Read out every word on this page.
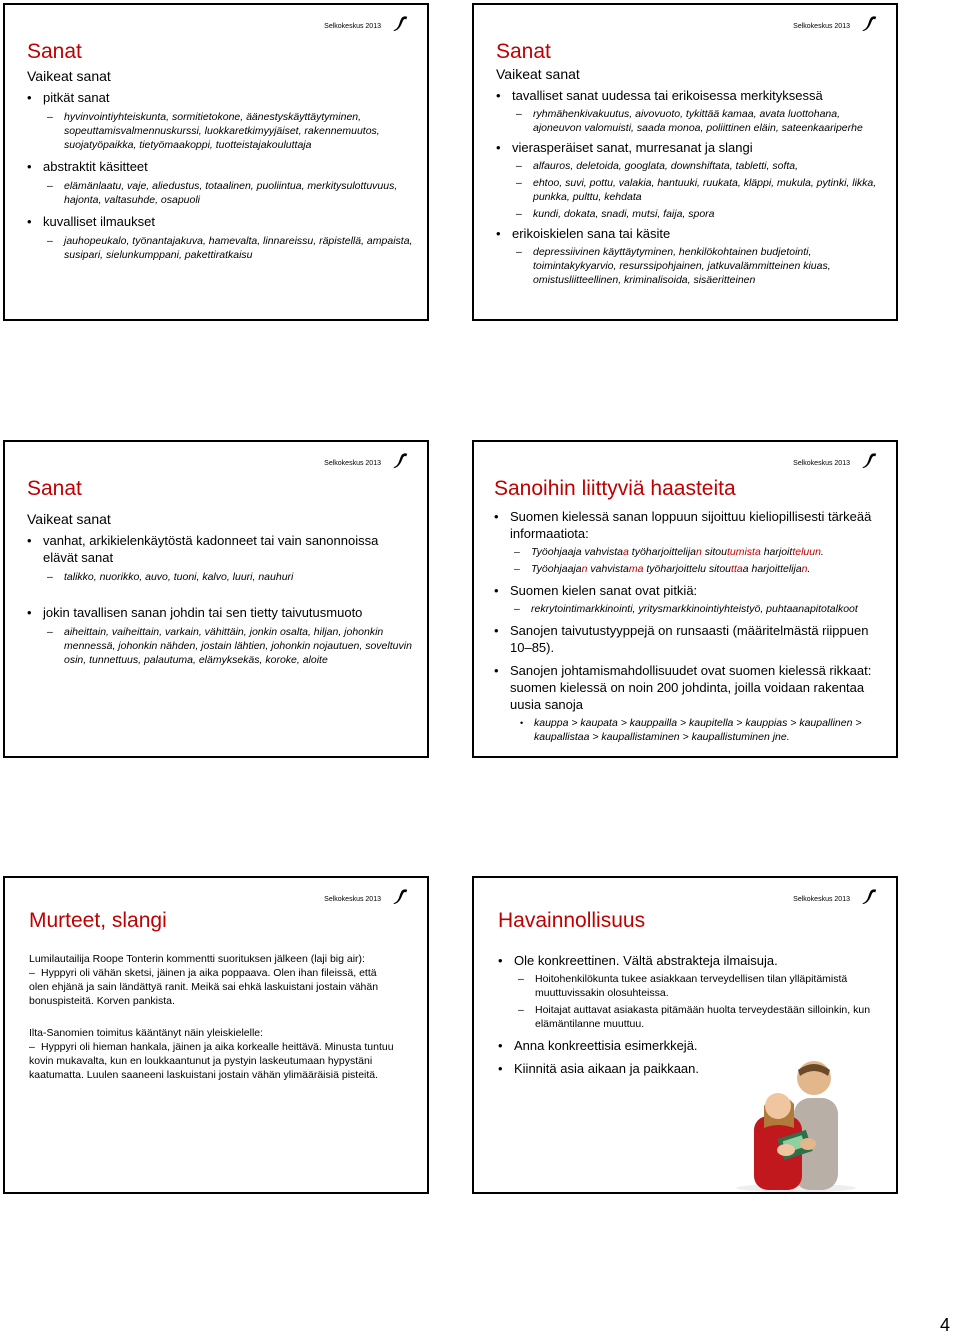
Selkokeskus 2013
Sanat
Vaikeat sanat
• pitkät sanat
– hyvinvointiyhteiskunta, sormitietokone, äänestyskäyttäytyminen, sopeuttamisvalmennuskurssi, luokkaretkimyyjäiset, rakennemuutos, suojatyöpaikka, tietyömaakoppi, tuotteistajakouluttaja
• abstraktit käsitteet
– elämänlaatu, vaje, aliedustus, totaalinen, puoliintua, merkitysulottuvuus, hajonta, valtasuhde, osapuoli
• kuvalliset ilmaukset
– jauhopeukalo, työnantajakuva, hamevalta, linnareissu, räpistellä, ampaista, susipari, sielunkumppani, pakettiratkaisu
Selkokeskus 2013
Sanat
Vaikeat sanat
• tavalliset sanat uudessa tai erikoisessa merkityksessä
– ryhmähenkivakuutus, aivovuoto, tykittää kamaa, avata luottohana, ajoneuvon valomuisti, saada monoa, poliittinen eläin, sateenkaariperhe
• vierasperäiset sanat, murresanat ja slangi
– alfauros, deletoida, googlata, downshiftata, tabletti, softa,
– ehtoo, suvi, pottu, valakia, hantuuki, ruukata, kläppi, mukula, pytinki, likka, punkka, pulttu, kehdata
– kundi, dokata, snadi, mutsi, faija, spora
• erikoiskielen sana tai käsite
– depressiivinen käyttäytyminen, henkilökohtainen budjetointi, toimintakykyarvio, resurssipohjainen, jatkuvalämmitteinen kiuas, omistusliitteellinen, kriminalisoida, sisäeritteinen
Selkokeskus 2013
Sanat
Vaikeat sanat
• vanhat, arkikielenkäytöstä kadonneet tai vain sanonnoissa elävät sanat
– talikko, nuorikko, auvo, tuoni, kalvo, luuri, nauhuri
• jokin tavallisen sanan johdin tai sen tietty taivutusmuoto
– aiheittain, vaiheittain, varkain, vähittäin, jonkin osalta, hiljan, johonkin mennessä, johonkin nähden, jostain lähtien, johonkin nojautuen, soveltuvin osin, tunnettuus, palautuma, elämyksekäs, koroke, aloite
Selkokeskus 2013
Sanoihin liittyviä haasteita
• Suomen kielessä sanan loppuun sijoittuu kieliopillisesti tärkeää informaatiota:
– Työohjaaja vahvistaa työharjoittelijan sitoutumista harjoitteluun.
– Työohjaajan vahvistama työharjoittelu sitouttaa harjoittelijan.
• Suomen kielen sanat ovat pitkiä:
– rekrytointimarkkinointi, yritysmarkkinointiyhteistyö, puhtaanapitotalkoot
• Sanojen taivutustyyppejä on runsaasti (määritelmästä riippuen 10–85).
• Sanojen johtamismahdollisuudet ovat suomen kielessä rikkaat: suomen kielessä on noin 200 johdinta, joilla voidaan rakentaa uusia sanoja
• kauppa > kaupata > kauppailla > kaupitella > kauppias > kaupallinen > kaupallistaa > kaupallistaminen > kaupallistuminen jne.
Selkokeskus 2013
Murteet, slangi
Lumilautailija Roope Tonterin kommentti suorituksen jälkeen (laji big air):
– Hyppyri oli vähän sketsi, jäinen ja aika poppaava. Olen ihan fileissä, että olen ehjänä ja sain ländättyä ranit. Meikä sai ehkä laskuistani jostain vähän bonuspisteitä. Korven pankista.
Ilta-Sanomien toimitus kääntänyt näin yleiskielelle:
– Hyppyri oli hieman hankala, jäinen ja aika korkealle heittävä. Minusta tuntuu kovin mukavalta, kun en loukkaantunut ja pystyin laskeutumaan hypystäni kaatumatta. Luulen saaneeni laskuistani jostain vähän ylimääräisiä pisteitä.
Selkokeskus 2013
Havainnollisuus
• Ole konkreettinen. Vältä abstrakteja ilmaisuja.
– Hoitohenkilökunta tukee asiakkaan terveydellisen tilan ylläpitämistä muuttuvissakin olosuhteissa.
– Hoitajat auttavat asiakasta pitämään huolta terveydestään silloinkin, kun elämäntilanne muuttuu.
• Anna konkreettisia esimerkkejä.
• Kiinnitä asia aikaan ja paikkaan.
4
